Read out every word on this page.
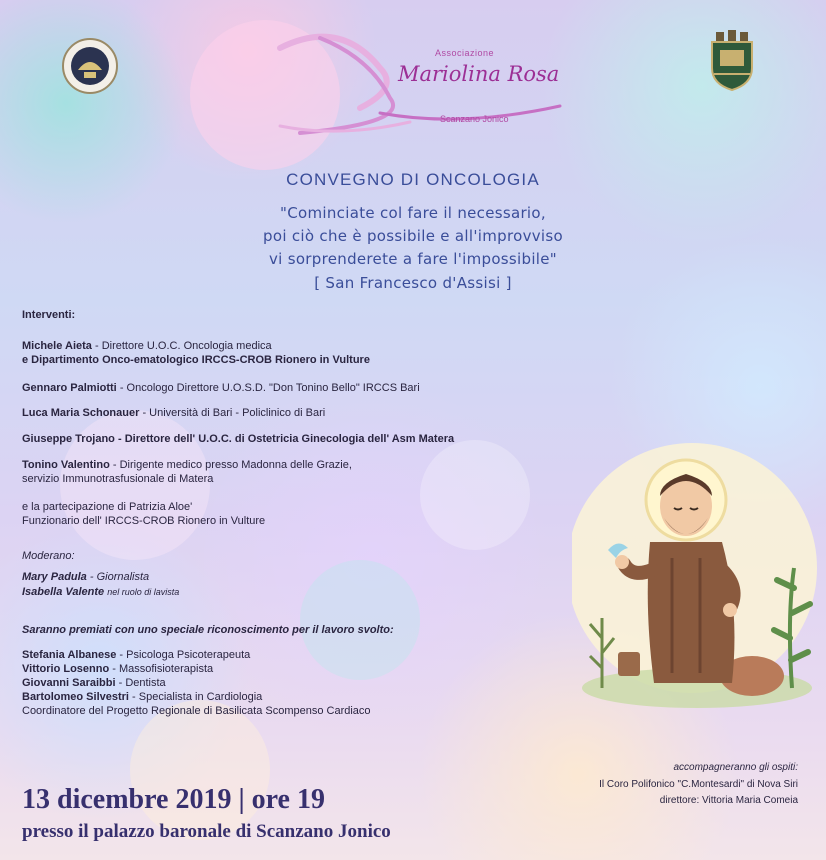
Associazione
Mariolina Rosa
Scanzano Jonico
CONVEGNO DI ONCOLOGIA
"Cominciate col fare il necessario,
poi ciò che è possibile e all'improvviso
vi sorprenderete a fare l'impossibile"
[ San Francesco d'Assisi ]
Interventi:
Michele Aieta - Direttore U.O.C. Oncologia medica
e Dipartimento Onco-ematologico IRCCS-CROB Rionero in Vulture
Gennaro Palmiotti - Oncologo Direttore U.O.S.D. "Don Tonino Bello" IRCCS Bari
Luca Maria Schonauer - Università di Bari - Policlinico di Bari
Giuseppe Trojano - Direttore dell' U.O.C. di Ostetricia Ginecologia dell' Asm Matera
Tonino Valentino - Dirigente medico presso Madonna delle Grazie,
servizio Immunotrasfusionale di Matera
e la partecipazione di Patrizia Aloe'
Funzionario dell' IRCCS-CROB Rionero in Vulture
Moderano:
Mary Padula - Giornalista
Isabella Valente nel ruolo di lavista
Saranno premiati con uno speciale riconoscimento per il lavoro svolto:
Stefania Albanese - Psicologa Psicoterapeuta
Vittorio Losenno - Massofisioterapista
Giovanni Saraibbi - Dentista
Bartolomeo Silvestri - Specialista in Cardiologia
Coordinatore del Progetto Regionale di Basilicata Scompenso Cardiaco
accompagneranno gli ospiti:
Il Coro Polifonico "C.Montesardi" di Nova Siri
direttore: Vittoria Maria Comeia
13 dicembre 2019 | ore 19
presso il palazzo baronale di Scanzano Jonico
